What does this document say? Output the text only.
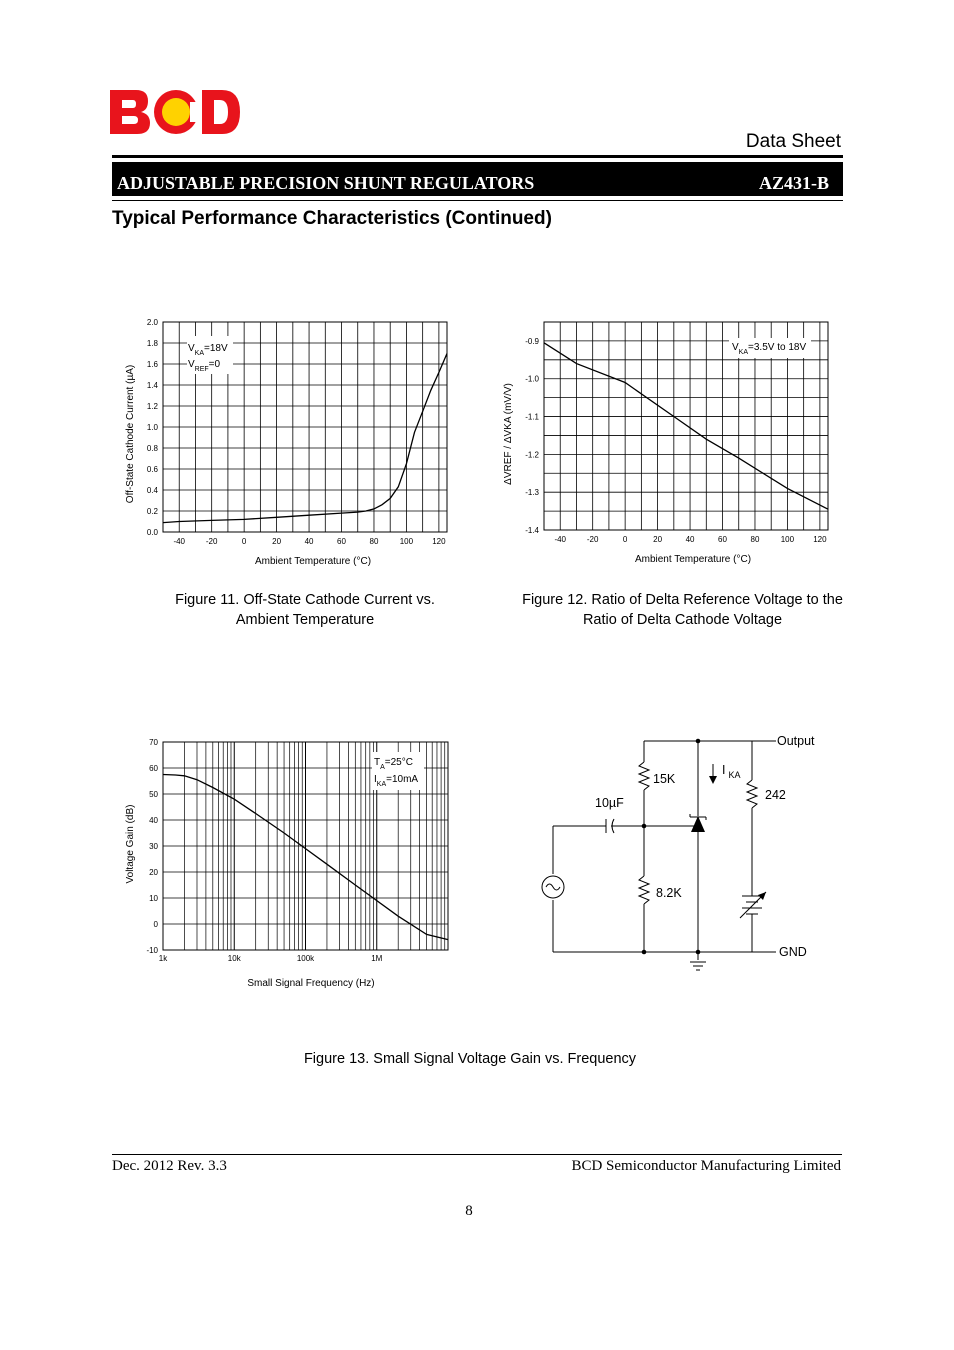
Data Sheet
ADJUSTABLE PRECISION SHUNT REGULATORS	AZ431-B
Typical Performance Characteristics (Continued)
-40	-20	0	20	40	60	80	100 120
0.0
0.2
0.4
0.6
0.8
1.0
1.2
1.4
1.6
1.8
2.0
$V_{KA}=18V$
$V_{REF}=0$
Ambient Temperature (°C)
Off-State Cathode Current (µA)
Figure 11. Off-State Cathode Current vs.
Ambient Temperature
-40	-20	0	20	40	60	80	100 120
-0.9
-1.0
-1.1
-1.2
-1.3
-1.4
$V_{KA}=3.5V$ to 18V
Ambient Temperature (°C)
ΔVREF / ΔVKA (mV/V)
Figure 12. Ratio of Delta Reference Voltage to the
Ratio of Delta Cathode Voltage
1k	10k	100k	1M
-10
0
10
20
30
40
50
60
70
$T_A=25^\circ C$
$I_{KA}=10mA$
Small Signal Frequency (Hz)
Voltage Gain (dB)
Output
GND
15K
8.2K
242
10µF
I $_{KA}$
Figure 13. Small Signal Voltage Gain vs. Frequency
Dec. 2012 Rev. 3.3	BCD Semiconductor Manufacturing Limited
8
